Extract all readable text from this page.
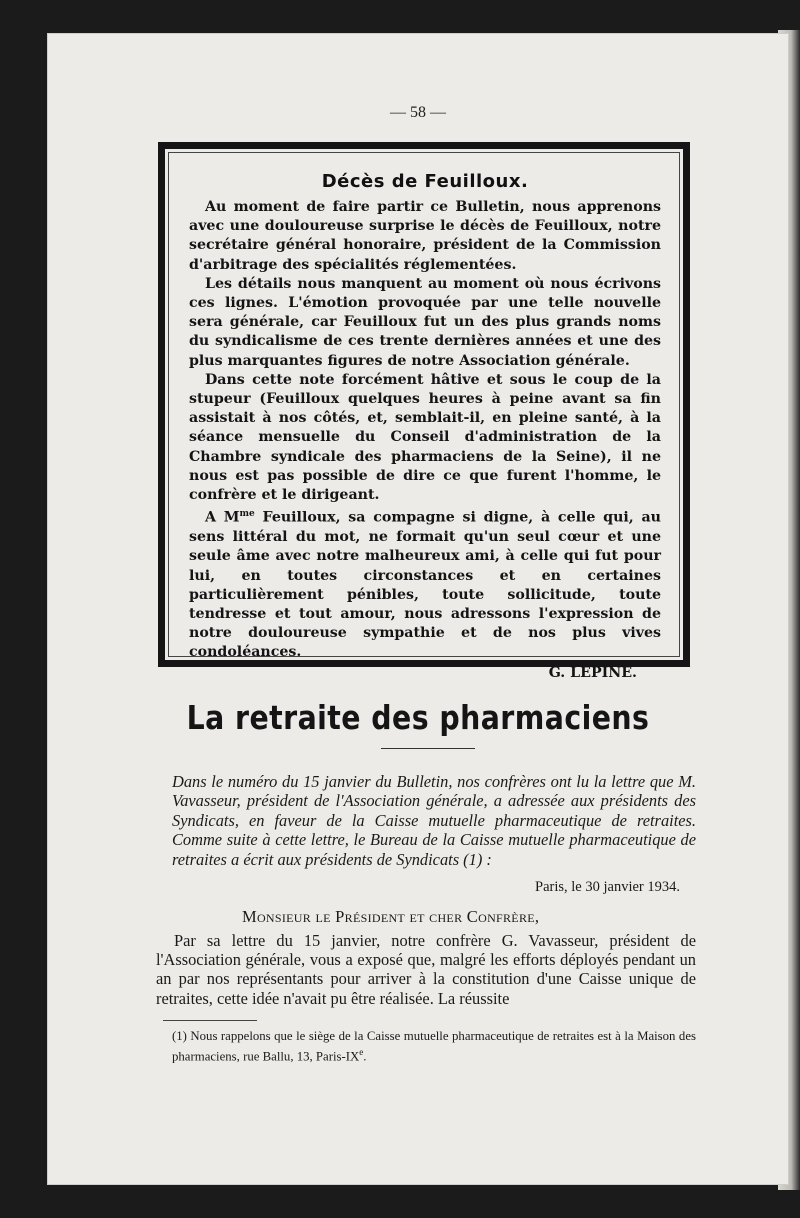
— 58 —
Décès de Feuilloux.

Au moment de faire partir ce Bulletin, nous apprenons avec une douloureuse surprise le décès de Feuilloux, notre secrétaire général honoraire, président de la Commission d'arbitrage des spécialités réglementées.

Les détails nous manquent au moment où nous écrivons ces lignes. L'émotion provoquée par une telle nouvelle sera générale, car Feuilloux fut un des plus grands noms du syndicalisme de ces trente dernières années et une des plus marquantes figures de notre Association générale.

Dans cette note forcément hâtive et sous le coup de la stupeur (Feuilloux quelques heures à peine avant sa fin assistait à nos côtés, et, semblait-il, en pleine santé, à la séance mensuelle du Conseil d'administration de la Chambre syndicale des pharmaciens de la Seine), il ne nous est pas possible de dire ce que furent l'homme, le confrère et le dirigeant.

A $M^{me}$ Feuilloux, sa compagne si digne, à celle qui, au sens littéral du mot, ne formait qu'un seul cœur et une seule âme avec notre malheureux ami, à celle qui fut pour lui, en toutes circonstances et en certaines particulièrement pénibles, toute sollicitude, toute tendresse et tout amour, nous adressons l'expression de notre douloureuse sympathie et de nos plus vives condoléances.

G. LÉPINE.

La retraite des pharmaciens

Dans le numéro du 15 janvier du Bulletin, nos confrères ont lu la lettre que M. Vavasseur, président de l'Association générale, a adressée aux présidents des Syndicats, en faveur de la Caisse mutuelle pharmaceutique de retraites. Comme suite à cette lettre, le Bureau de la Caisse mutuelle pharmaceutique de retraites a écrit aux présidents de Syndicats (1) :

Paris, le 30 janvier 1934.
Monsieur le Président et cher Confrère,

Par sa lettre du 15 janvier, notre confrère G. Vavasseur, président de l'Association générale, vous a exposé que, malgré les efforts déployés pendant un an par nos représentants pour arriver à la constitution d'une Caisse unique de retraites, cette idée n'avait pu être réalisée. La réussite

(1) Nous rappelons que le siège de la Caisse mutuelle pharmaceutique de retraites est à la Maison des pharmaciens, rue Ballu, 13, Paris-IXe.
